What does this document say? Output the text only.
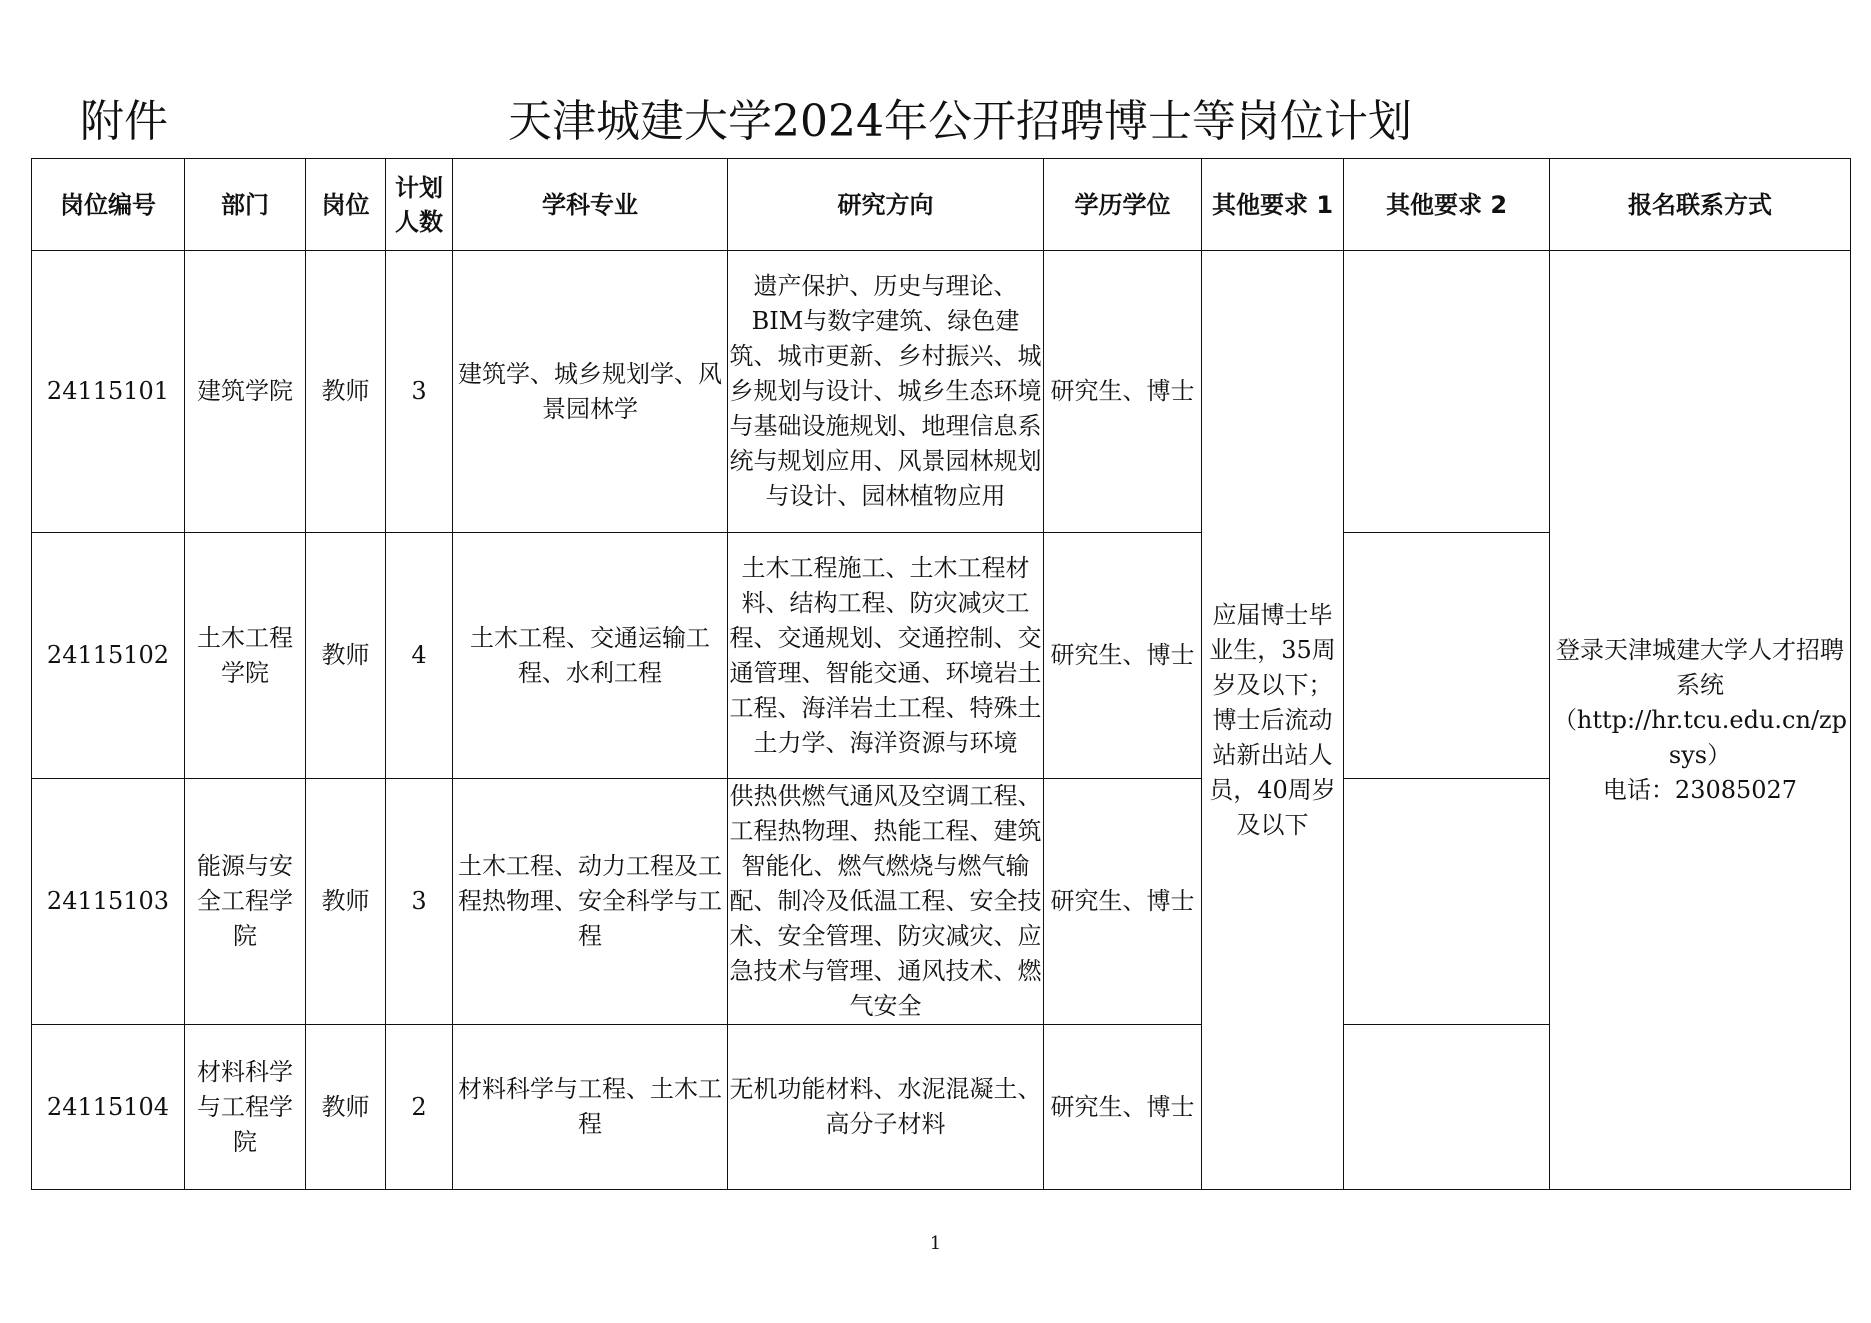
附件	天津城建大学2024年公开招聘博士等岗位计划
岗位编号	部门	岗位	计划人数	学科专业	研究方向	学历学位	其他要求 1	其他要求 2	报名联系方式
24115101	建筑学院	教师	3	建筑学、城乡规划学、风景园林学	遗产保护、历史与理论、BIM与数字建筑、绿色建筑、城市更新、乡村振兴、城乡规划与设计、城乡生态环境与基础设施规划、地理信息系统与规划应用、风景园林规划与设计、园林植物应用	研究生、博士	应届博士毕业生，35周岁及以下；博士后流动站新出站人员，40周岁及以下		登录天津城建大学人才招聘系统
（http://hr.tcu.edu.cn/zpsys）
电话：23085027

24115102	土木工程学院	教师	4	土木工程、交通运输工程、水利工程	土木工程施工、土木工程材料、结构工程、防灾减灾工程、交通规划、交通控制、交通管理、智能交通、环境岩土工程、海洋岩土工程、特殊土土力学、海洋资源与环境	研究生、博士			
24115103	能源与安全工程学院	教师	3	土木工程、动力工程及工程热物理、安全科学与工程	供热供燃气通风及空调工程、工程热物理、热能工程、建筑智能化、燃气燃烧与燃气输配、制冷及低温工程、安全技术、安全管理、防灾减灾、应急技术与管理、通风技术、燃气安全	研究生、博士			
24115104	材料科学与工程学院	教师	2	材料科学与工程、土木工程	无机功能材料、水泥混凝土、高分子材料	研究生、博士			
1
